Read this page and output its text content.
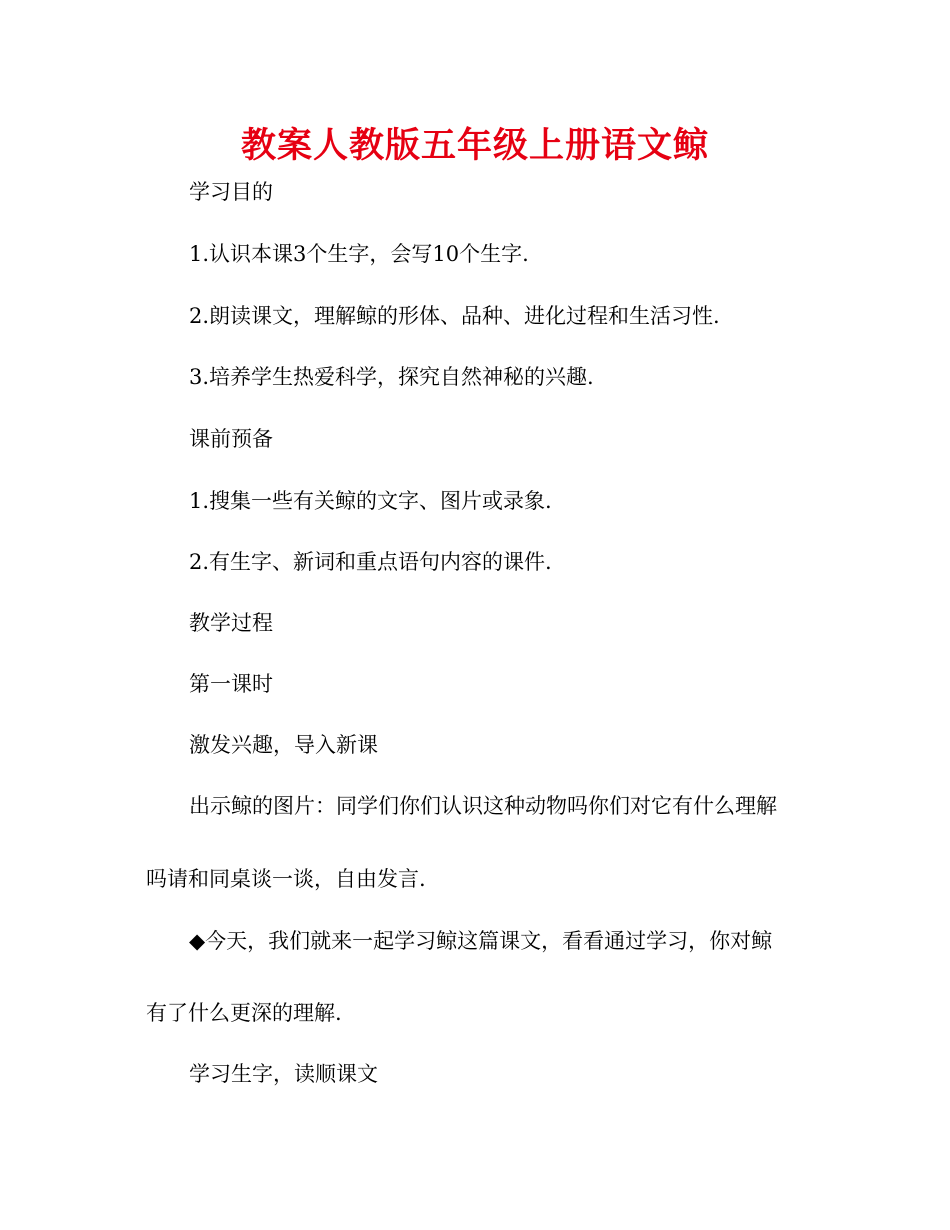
教案人教版五年级上册语文鲸
学习目的
1.认识本课3个生字，会写10个生字.
2.朗读课文，理解鲸的形体、品种、进化过程和生活习性.
3.培养学生热爱科学，探究自然神秘的兴趣.
课前预备
1.搜集一些有关鲸的文字、图片或录象.
2.有生字、新词和重点语句内容的课件.
教学过程
第一课时
激发兴趣，导入新课
出示鲸的图片：同学们你们认识这种动物吗你们对它有什么理解
吗请和同桌谈一谈，自由发言.
◆今天，我们就来一起学习鲸这篇课文，看看通过学习，你对鲸
有了什么更深的理解.
学习生字，读顺课文
